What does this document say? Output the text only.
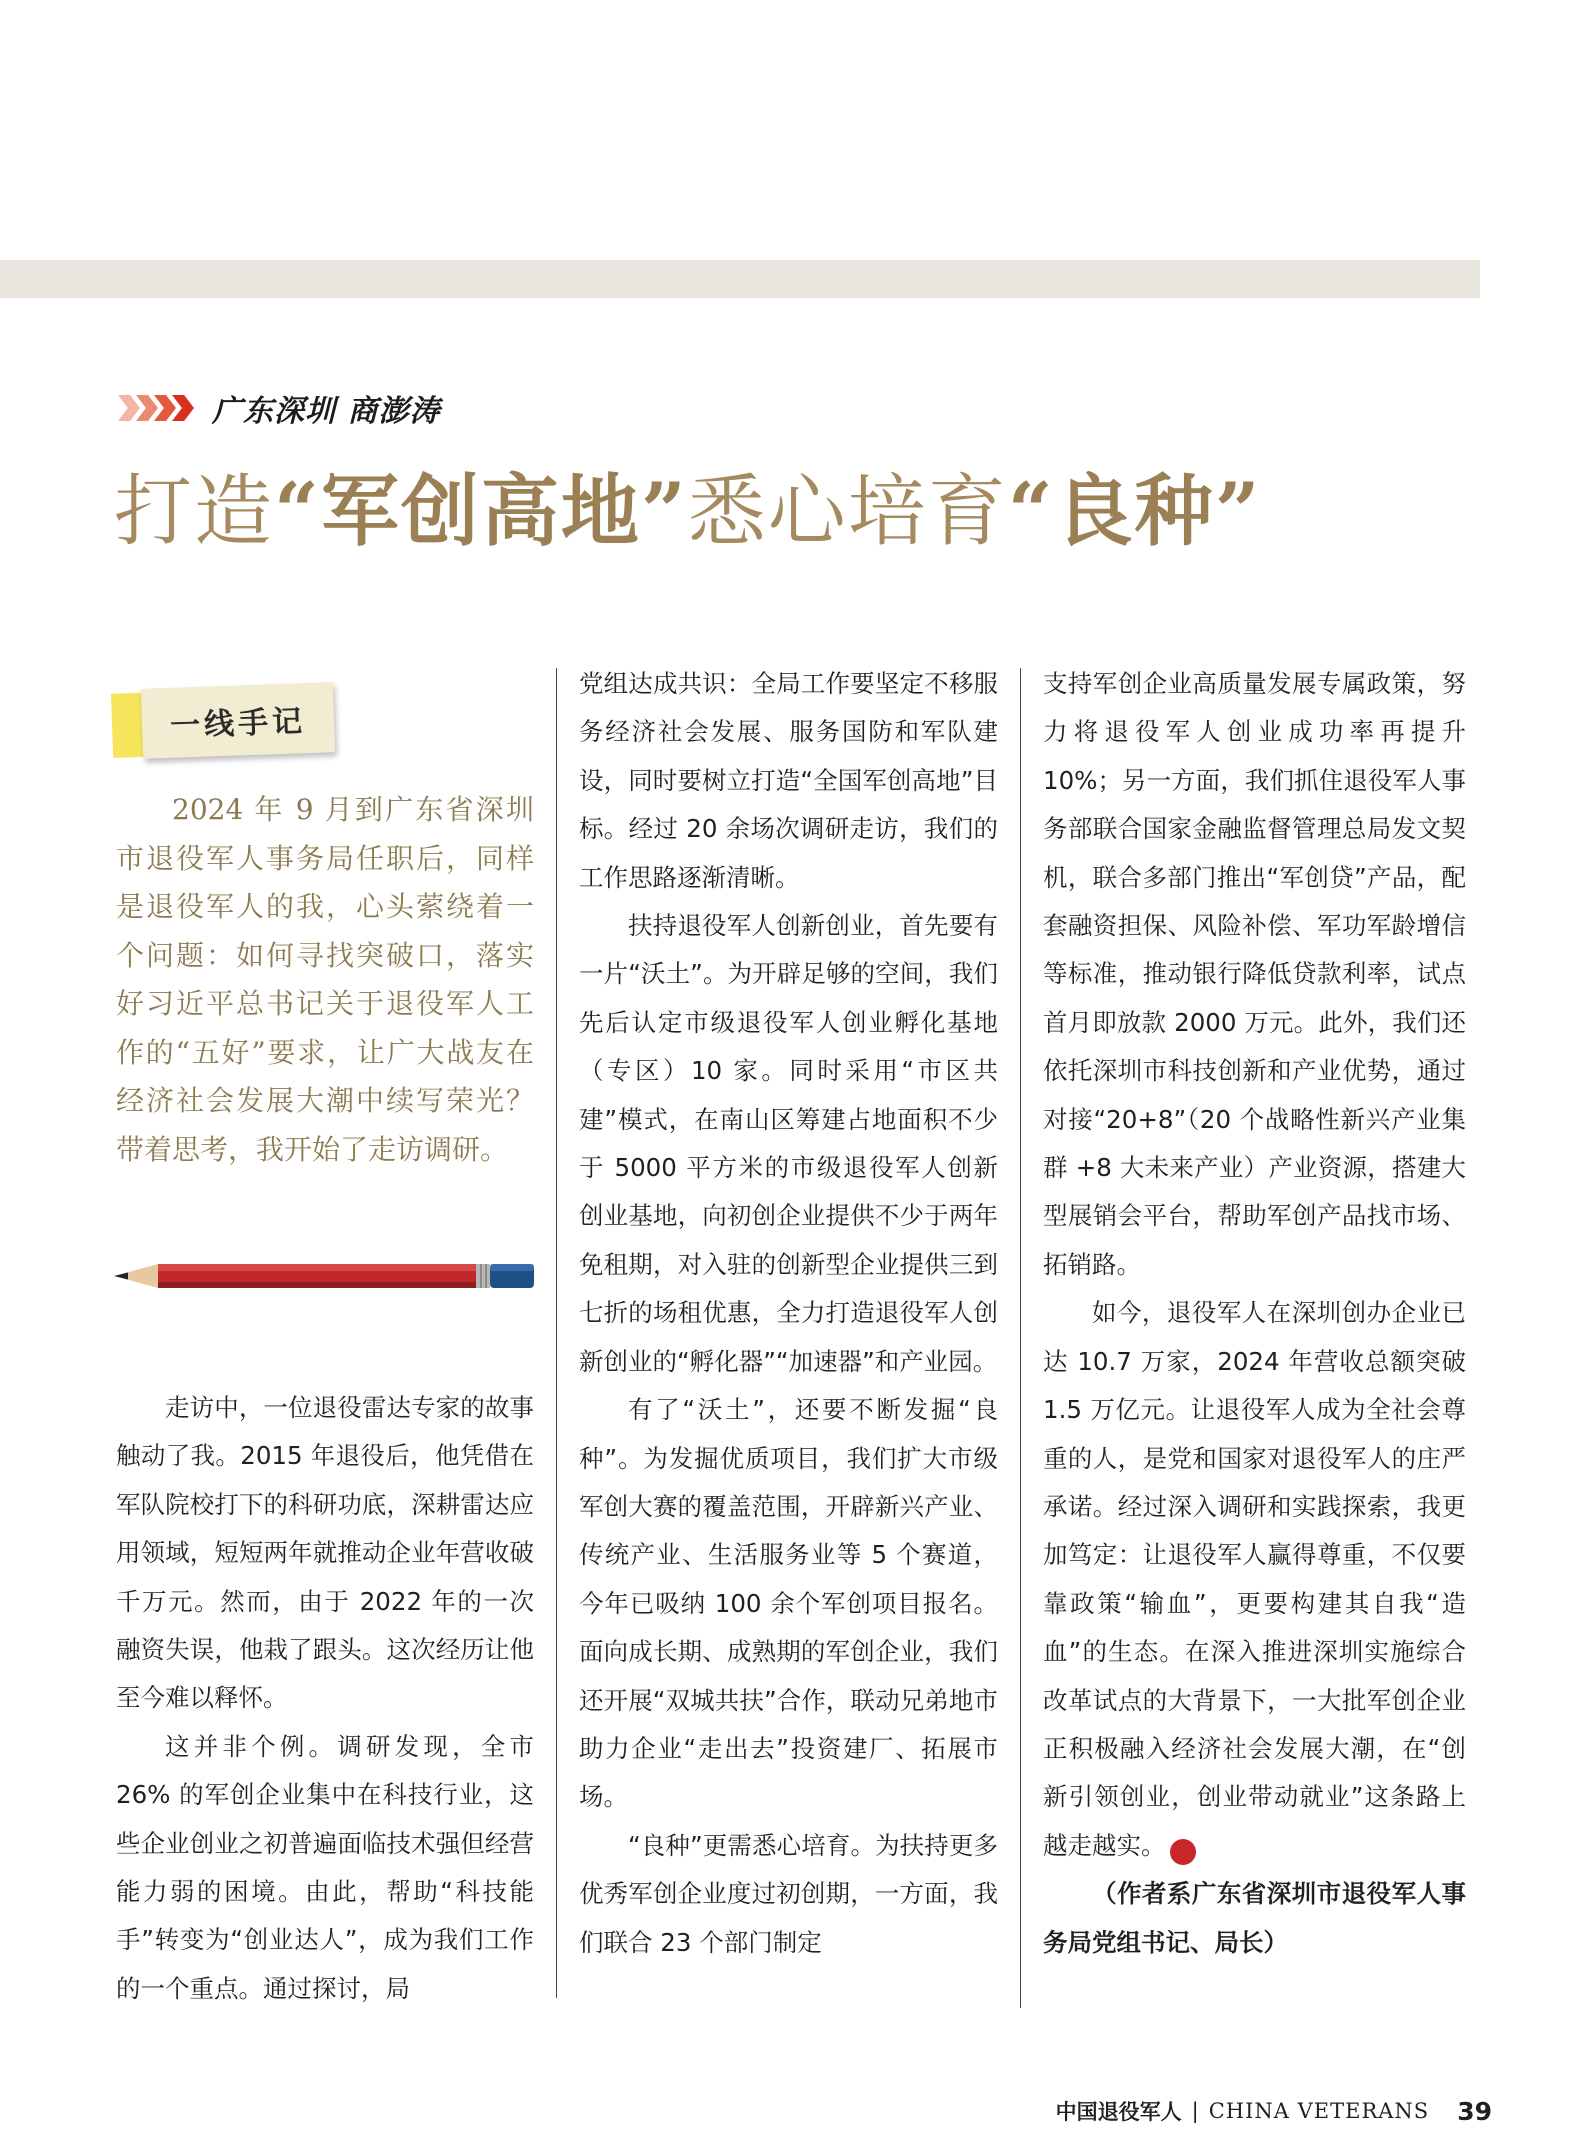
广东深圳 商澎涛
打造“军创高地”悉心培育“良种”
一线手记

2024 年 9 月到广东省深圳市退役军人事务局任职后，同样是退役军人的我，心头萦绕着一个问题：如何寻找突破口，落实好习近平总书记关于退役军人工作的“五好”要求，让广大战友在经济社会发展大潮中续写荣光？带着思考，我开始了走访调研。

走访中，一位退役雷达专家的故事触动了我。2015 年退役后，他凭借在军队院校打下的科研功底，深耕雷达应用领域，短短两年就推动企业年营收破千万元。然而，由于 2022 年的一次融资失误，他栽了跟头。这次经历让他至今难以释怀。

这并非个例。调研发现，全市 26% 的军创企业集中在科技行业，这些企业创业之初普遍面临技术强但经营能力弱的困境。由此，帮助“科技能手”转变为“创业达人”，成为我们工作的一个重点。通过探讨，局

党组达成共识：全局工作要坚定不移服务经济社会发展、服务国防和军队建设，同时要树立打造“全国军创高地”目标。经过 20 余场次调研走访，我们的工作思路逐渐清晰。

扶持退役军人创新创业，首先要有一片“沃土”。为开辟足够的空间，我们先后认定市级退役军人创业孵化基地（专区）10 家。同时采用“市区共建”模式，在南山区筹建占地面积不少于 5000 平方米的市级退役军人创新创业基地，向初创企业提供不少于两年免租期，对入驻的创新型企业提供三到七折的场租优惠，全力打造退役军人创新创业的“孵化器”“加速器”和产业园。

有了“沃土”，还要不断发掘“良种”。为发掘优质项目，我们扩大市级军创大赛的覆盖范围，开辟新兴产业、传统产业、生活服务业等 5 个赛道，今年已吸纳 100 余个军创项目报名。面向成长期、成熟期的军创企业，我们还开展“双城共扶”合作，联动兄弟地市助力企业“走出去”投资建厂、拓展市场。

“良种”更需悉心培育。为扶持更多优秀军创企业度过初创期，一方面，我们联合 23 个部门制定

支持军创企业高质量发展专属政策，努力将退役军人创业成功率再提升 10%；另一方面，我们抓住退役军人事务部联合国家金融监督管理总局发文契机，联合多部门推出“军创贷”产品，配套融资担保、风险补偿、军功军龄增信等标准，推动银行降低贷款利率，试点首月即放款 2000 万元。此外，我们还依托深圳市科技创新和产业优势，通过对接“20+8”（20 个战略性新兴产业集群 +8 大未来产业）产业资源，搭建大型展销会平台，帮助军创产品找市场、拓销路。

如今，退役军人在深圳创办企业已达 10.7 万家，2024 年营收总额突破 1.5 万亿元。让退役军人成为全社会尊重的人，是党和国家对退役军人的庄严承诺。经过深入调研和实践探索，我更加笃定：让退役军人赢得尊重，不仅要靠政策“输血”，更要构建其自我“造血”的生态。在深入推进深圳实施综合改革试点的大背景下，一大批军创企业正积极融入经济社会发展大潮，在“创新引领创业，创业带动就业”这条路上越走越实。	V

（作者系广东省深圳市退役军人事务局党组书记、局长）

中国退役军人 | CHINA VETERANS 39
